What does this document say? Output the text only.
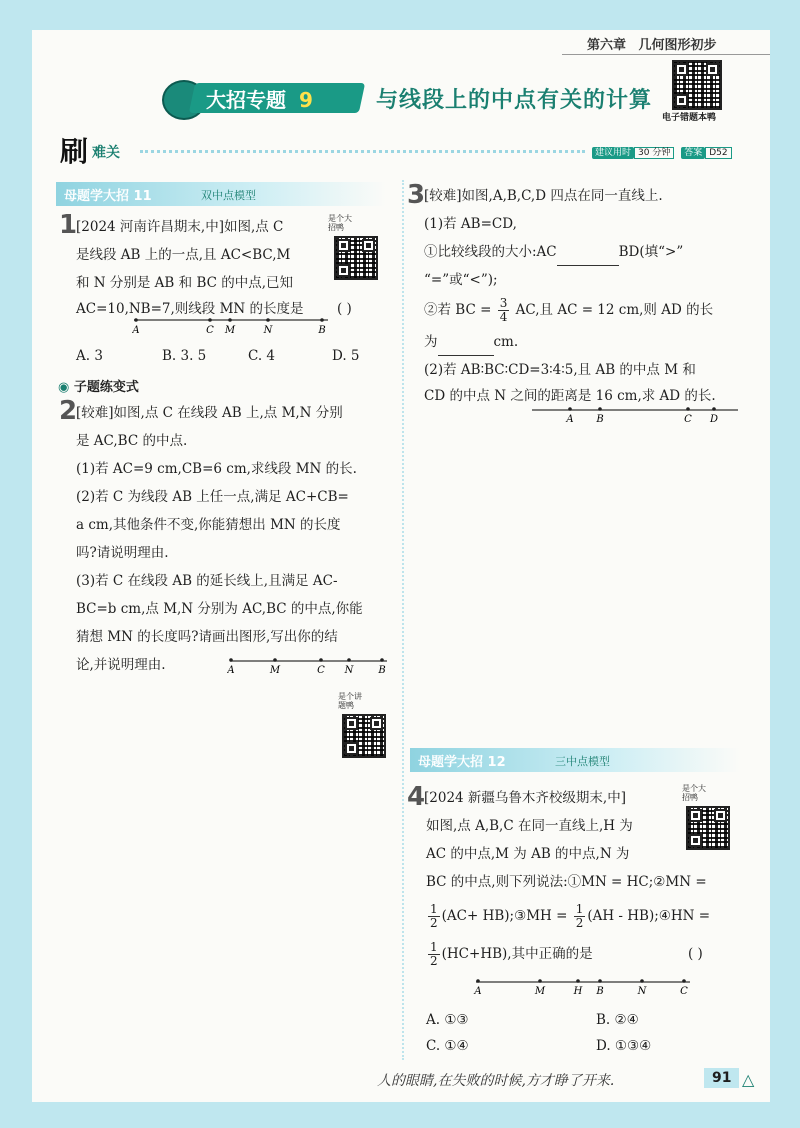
第六章 几何图形初步
大招专题 9	与线段上的中点有关的计算
电子错题本鸭
刷 难关	建议用时 30 分钟 答案 D52
母题学大招 11	双中点模型
1
[2024 河南许昌期末,中]如图,点 C
是线段 AB 上的一点,且 AC<BC,M
和 N 分别是 AB 和 BC 的中点,已知
AC=10,NB=7,则线段 MN 的长度是 ( )
是个大招鸭
A	C M	N	B
A. 3	B. 3. 5	C. 4	D. 5
◉ 子题练变式
2
[较难]如图,点 C 在线段 AB 上,点 M,N 分别
是 AC,BC 的中点.
(1)若 AC=9 cm,CB=6 cm,求线段 MN 的长.
(2)若 C 为线段 AB 上任一点,满足 AC+CB=
a cm,其他条件不变,你能猜想出 MN 的长度
吗?请说明理由.
(3)若 C 在线段 AB 的延长线上,且满足 AC-
BC=b cm,点 M,N 分别为 AC,BC 的中点,你能
猜想 MN 的长度吗?请画出图形,写出你的结
论,并说明理由.	A	M	C N B
是个讲题鸭
3
[较难]如图,A,B,C,D 四点在同一直线上.
(1)若 AB=CD,
①比较线段的大小:AC	BD(填“>”
“=”或“<”);
②若 BC = $\frac{3}{4}$ AC,且 AC = 12 cm,则 AD 的长
为	cm.
(2)若 AB∶BC∶CD=3∶4∶5,且 AB 的中点 M 和
CD 的中点 N 之间的距离是 16 cm,求 AD 的长.
A B	C D
母题学大招 12	三中点模型
4
[2024 新疆乌鲁木齐校级期末,中]
如图,点 A,B,C 在同一直线上,H 为
AC 的中点,M 为 AB 的中点,N 为
BC 的中点,则下列说法:①MN = HC;②MN =
$\frac{1}{2} (AC+$ HB);③MH = $\frac{1}{2} (AH$ - HB);④HN =
$\frac{1}{2} (HC+HB)$,其中正确的是	( )
是个大招鸭
A	M	H B	N	C
A. ①③	B. ②④
C. ①④	D. ①③④
人的眼睛,在失败的时候,方才睁了开来.	91 △
